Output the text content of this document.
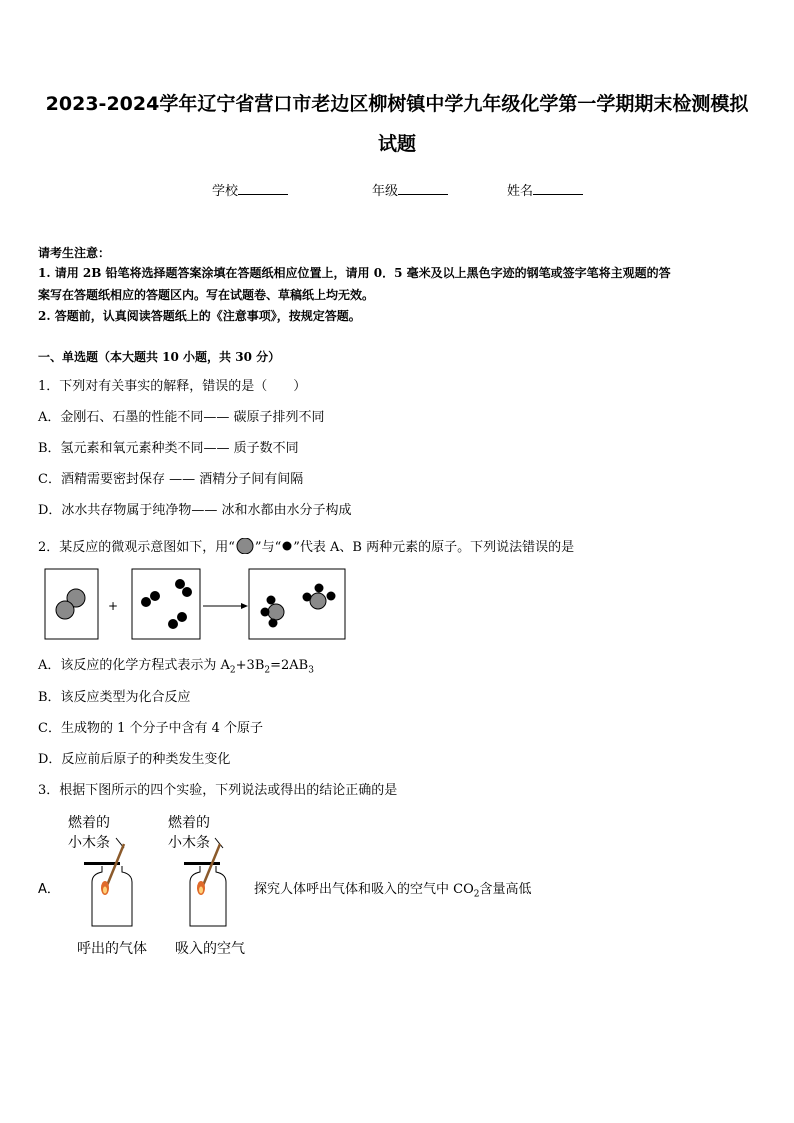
2023-2024学年辽宁省营口市老边区柳树镇中学九年级化学第一学期期末检测模拟试题
学校	年级	姓名
请考生注意：
1. 请用 2B 铅笔将选择题答案涂填在答题纸相应位置上，请用 0．5 毫米及以上黑色字迹的钢笔或签字笔将主观题的答
案写在答题纸相应的答题区内。写在试题卷、草稿纸上均无效。
2. 答题前，认真阅读答题纸上的《注意事项》，按规定答题。
一、单选题（本大题共 10 小题，共 30 分）
1．下列对有关事实的解释，错误的是（　　）
A．金刚石、石墨的性能不同—— 碳原子排列不同
B．氢元素和氧元素种类不同—— 质子数不同
C．酒精需要密封保存 —— 酒精分子间有间隔
D．冰水共存物属于纯净物—— 冰和水都由水分子构成
2．某反应的微观示意图如下，用“ ”与“ ”代表 A、B 两种元素的原子。下列说法错误的是
+
A．该反应的化学方程式表示为 $A_2+3B_2=2AB_3$
B．该反应类型为化合反应
C．生成物的 1 个分子中含有 4 个原子
D．反应前后原子的种类发生变化
3．根据下图所示的四个实验，下列说法或得出的结论正确的是
燃着的
小木条
燃着的
小木条
A．
呼出的气体 吸入的空气
探究人体呼出气体和吸入的空气中 $CO_2$含量高低
